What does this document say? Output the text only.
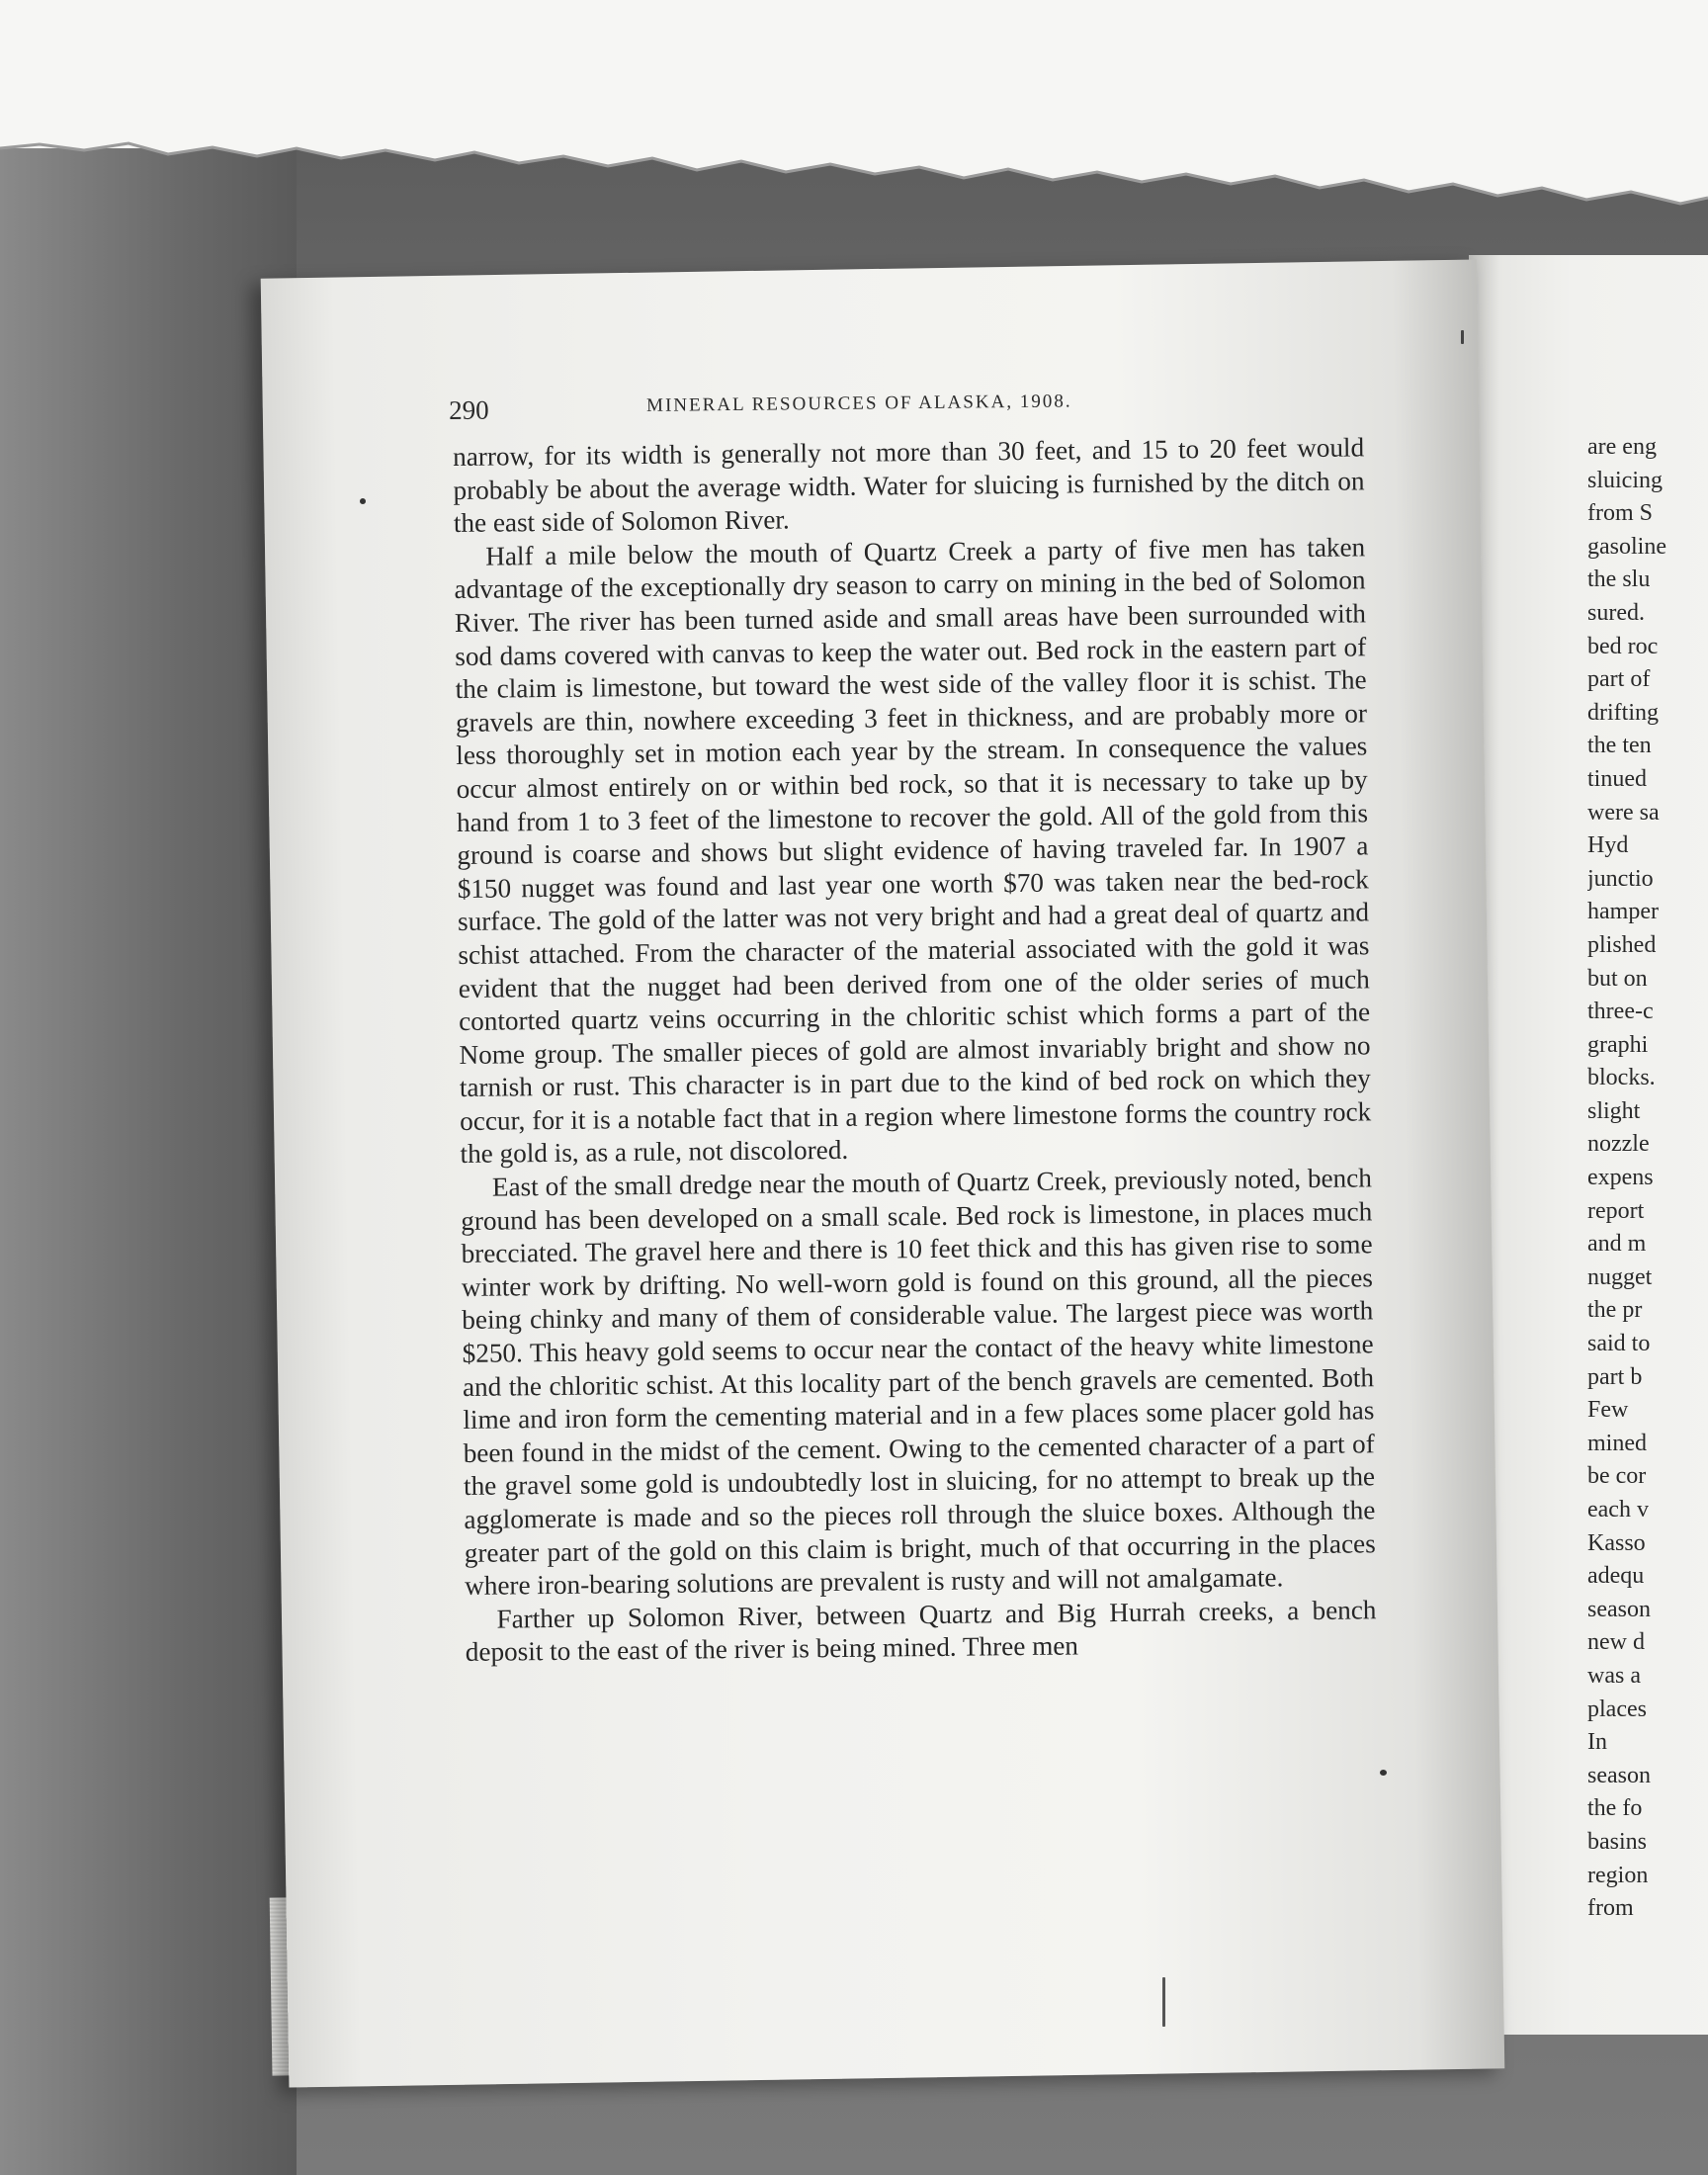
290	MINERAL RESOURCES OF ALASKA, 1908.

narrow, for its width is generally not more than 30 feet, and 15 to 20 feet would probably be about the average width. Water for sluicing is furnished by the ditch on the east side of Solomon River.

Half a mile below the mouth of Quartz Creek a party of five men has taken advantage of the exceptionally dry season to carry on mining in the bed of Solomon River. The river has been turned aside and small areas have been surrounded with sod dams covered with canvas to keep the water out. Bed rock in the eastern part of the claim is limestone, but toward the west side of the valley floor it is schist. The gravels are thin, nowhere exceeding 3 feet in thickness, and are probably more or less thoroughly set in motion each year by the stream. In consequence the values occur almost entirely on or within bed rock, so that it is necessary to take up by hand from 1 to 3 feet of the limestone to recover the gold. All of the gold from this ground is coarse and shows but slight evidence of having traveled far. In 1907 a $150 nugget was found and last year one worth $70 was taken near the bed-rock surface. The gold of the latter was not very bright and had a great deal of quartz and schist attached. From the character of the material associated with the gold it was evident that the nugget had been derived from one of the older series of much contorted quartz veins occurring in the chloritic schist which forms a part of the Nome group. The smaller pieces of gold are almost invariably bright and show no tarnish or rust. This character is in part due to the kind of bed rock on which they occur, for it is a notable fact that in a region where limestone forms the country rock the gold is, as a rule, not discolored.

East of the small dredge near the mouth of Quartz Creek, previously noted, bench ground has been developed on a small scale. Bed rock is limestone, in places much brecciated. The gravel here and there is 10 feet thick and this has given rise to some winter work by drifting. No well-worn gold is found on this ground, all the pieces being chinky and many of them of considerable value. The largest piece was worth $250. This heavy gold seems to occur near the contact of the heavy white limestone and the chloritic schist. At this locality part of the bench gravels are cemented. Both lime and iron form the cementing material and in a few places some placer gold has been found in the midst of the cement. Owing to the cemented character of a part of the gravel some gold is undoubtedly lost in sluicing, for no attempt to break up the agglomerate is made and so the pieces roll through the sluice boxes. Although the greater part of the gold on this claim is bright, much of that occurring in the places where iron-bearing solutions are prevalent is rusty and will not amalgamate.

Farther up Solomon River, between Quartz and Big Hurrah creeks, a bench deposit to the east of the river is being mined. Three men

are eng
sluicing
from S
gasoline
the slu
sured.
bed roc
part of
drifting
the ten
tinued
were sa
Hyd
junctio
hamper
plished
but on
three-c
graphi
blocks.
slight
nozzle
expens
report
and m
nugget
the pr
said to
part b
Few
mined
be cor
each v
Kasso
adequ
season
new d
was a
places
In
season
the fo
basins
region
from
